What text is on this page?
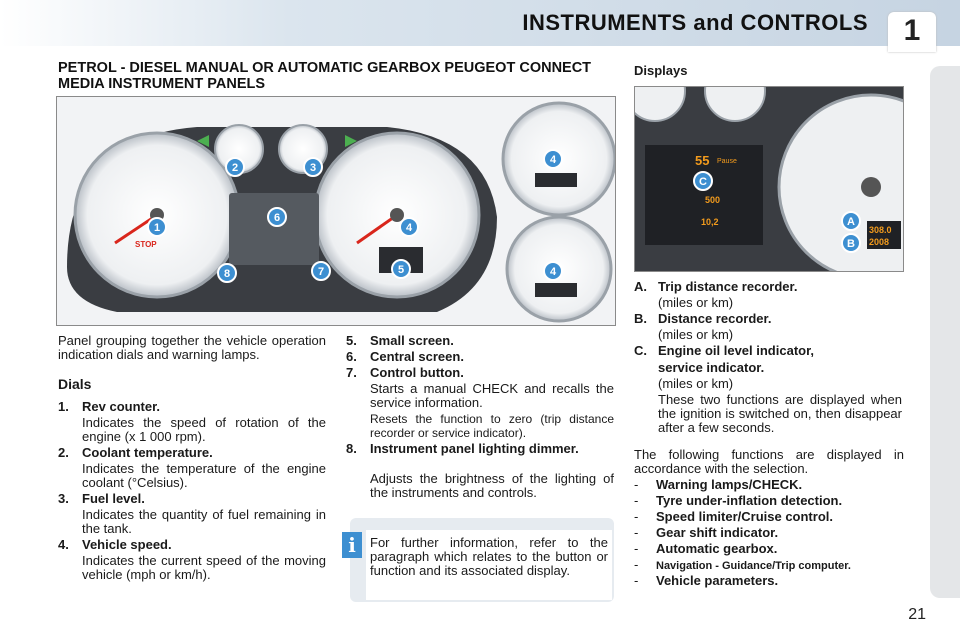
INSTRUMENTS and CONTROLS	1
PETROL - DIESEL MANUAL OR AUTOMATIC GEARBOX PEUGEOT CONNECT MEDIA INSTRUMENT PANELS
Displays
STOP
1
2	3
4
5
6
7
8
4
4
55 Pause
500
10,2
308.0
2008
A
B
C
Panel grouping together the vehicle operation indication dials and warning lamps.
Dials
1. Rev counter.
Indicates the speed of rotation of the engine (x 1 000 rpm).
2. Coolant temperature.
Indicates the temperature of the engine coolant (°Celsius).
3. Fuel level.
Indicates the quantity of fuel remaining in the tank.
4. Vehicle speed.
Indicates the current speed of the moving vehicle (mph or km/h).
5. Small screen.
6. Central screen.
7. Control button.
Starts a manual CHECK and recalls the service information.
Resets the function to zero (trip distance recorder or service indicator).
8.	Instrument panel lighting dimmer.
Adjusts the brightness of the lighting of the instruments and controls.
i	For further information, refer to the paragraph which relates to the button or function and its associated display.
A. Trip distance recorder.
(miles or km)
B. Distance recorder.
(miles or km)
C. Engine oil level indicator,
service indicator.
(miles or km)
These two functions are displayed when the ignition is switched on, then disappear after a few seconds.
The following functions are displayed in accordance with the selection.
- Warning lamps/CHECK.
- Tyre under-inflation detection.
- Speed limiter/Cruise control.
- Gear shift indicator.
- Automatic gearbox.
- Navigation - Guidance/Trip computer.
- Vehicle parameters.
21
